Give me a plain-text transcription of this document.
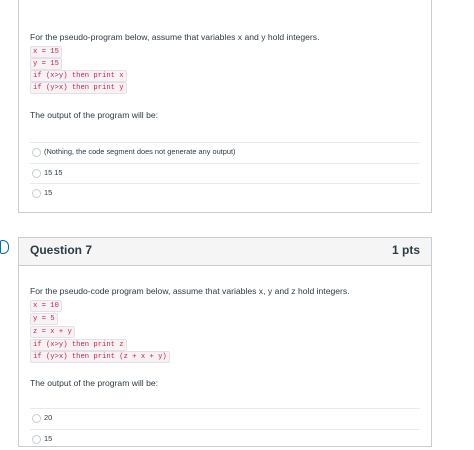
For the pseudo-program below, assume that variables x and y hold integers.
x = 15
y = 15
if (x>y) then print x
if (y>x) then print y
The output of the program will be:
(Nothing, the code segment does not generate any output)
15 15
15
Question 7	1 pts
For the pseudo-code program below, assume that variables x, y and z hold integers.
x = 10
y = 5
z = x + y
if (x>y) then print z
if (y>x) then print (z + x + y)
The output of the program will be:
20
15
